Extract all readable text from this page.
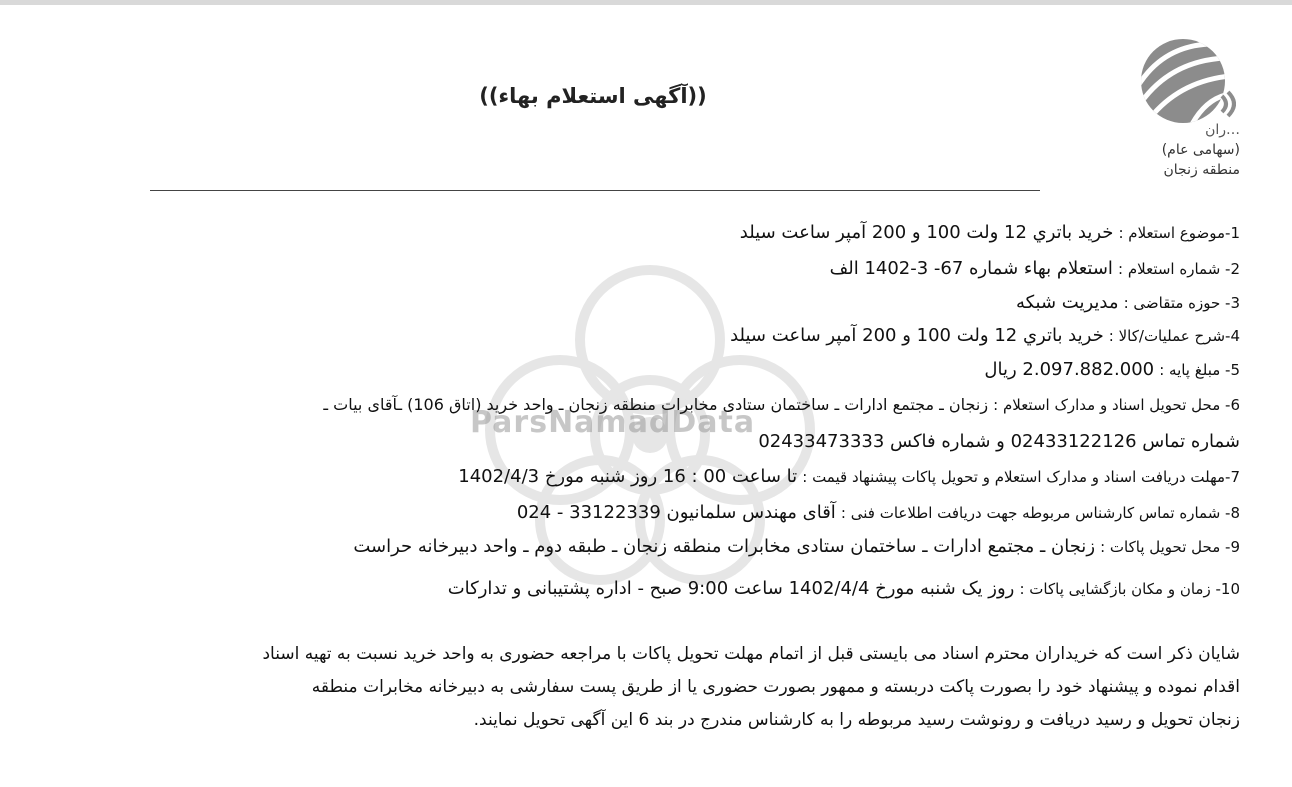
ParsNamadData
…ران
(سهامی عام)
منطقه زنجان
((آگهی استعلام بهاء))
1-موضوع استعلام : خريد باتري 12 ولت 100 و 200 آمپر ساعت سيلد
2- شماره استعلام : استعلام بهاء شماره 67- 3-1402 الف
3- حوزه متقاضی : مدیریت شبکه
4-شرح عملیات/کالا : خريد باتري 12 ولت 100 و 200 آمپر ساعت سيلد
5- مبلغ پایه : 2.097.882.000 ریال
6- محل تحویل اسناد و مدارک استعلام : زنجان ـ مجتمع ادارات ـ ساختمان ستادی مخابرات منطقه زنجان ـ واحد خرید (اتاق 106) ـآقای بیات ـ
شماره تماس 02433122126 و شماره فاکس 02433473333
7-مهلت دریافت اسناد و مدارک استعلام و تحویل پاکات پیشنهاد قیمت : تا ساعت 00 : 16 روز شنبه مورخ 1402/4/3
8- شماره تماس کارشناس مربوطه جهت دریافت اطلاعات فنی : آقای مهندس سلمانیون 33122339 - 024
9- محل تحویل پاکات : زنجان ـ مجتمع ادارات ـ ساختمان ستادی مخابرات منطقه زنجان ـ طبقه دوم ـ واحد دبیرخانه حراست
10- زمان و مکان بازگشایی پاکات : روز یک شنبه مورخ 1402/4/4 ساعت 9:00 صبح - اداره پشتیبانی و تدارکات
شایان ذکر است که خریداران محترم اسناد می بایستی قبل از اتمام مهلت تحویل پاکات با مراجعه حضوری به واحد خرید نسبت به تهیه اسناد
اقدام نموده و پیشنهاد خود را بصورت پاکت دربسته و ممهور بصورت حضوری یا از طریق پست سفارشی به دبیرخانه مخابرات منطقه
زنجان تحویل و رسید دریافت و رونوشت رسید مربوطه را به کارشناس مندرج در بند 6 این آگهی تحویل نمایند.
